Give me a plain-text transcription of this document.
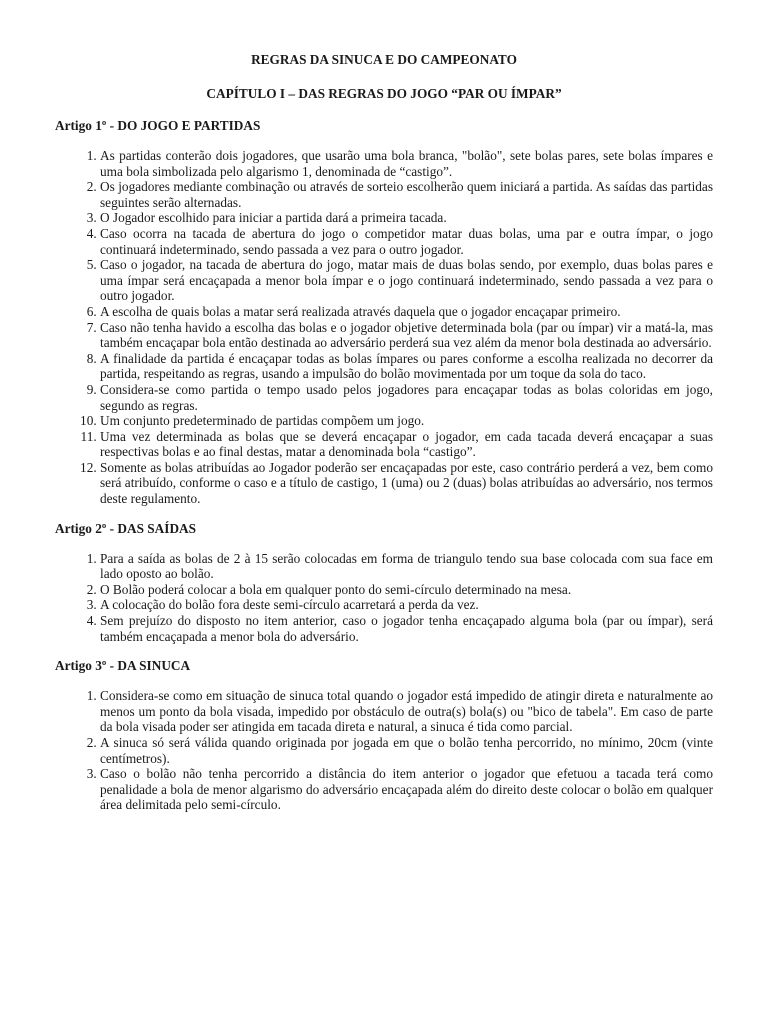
REGRAS DA SINUCA E DO CAMPEONATO
CAPÍTULO I – DAS REGRAS DO JOGO “PAR OU ÍMPAR”
Artigo 1º - DO JOGO E PARTIDAS
1. As partidas conterão dois jogadores, que usarão uma bola branca, "bolão", sete bolas pares, sete bolas ímpares e uma bola simbolizada pelo algarismo 1, denominada de “castigo”.
2. Os jogadores mediante combinação ou através de sorteio escolherão quem iniciará a partida. As saídas das partidas seguintes serão alternadas.
3. O Jogador escolhido para iniciar a partida dará a primeira tacada.
4. Caso ocorra na tacada de abertura do jogo o competidor matar duas bolas, uma par e outra ímpar, o jogo continuará indeterminado, sendo passada a vez para o outro jogador.
5. Caso o jogador, na tacada de abertura do jogo, matar mais de duas bolas sendo, por exemplo, duas bolas pares e uma ímpar será encaçapada a menor bola ímpar e o jogo continuará indeterminado, sendo passada a vez para o outro jogador.
6. A escolha de quais bolas a matar será realizada através daquela que o jogador encaçapar primeiro.
7. Caso não tenha havido a escolha das bolas e o jogador objetive determinada bola (par ou ímpar) vir a matá-la, mas também encaçapar bola então destinada ao adversário perderá sua vez além da menor bola destinada ao adversário.
8. A finalidade da partida é encaçapar todas as bolas ímpares ou pares conforme a escolha realizada no decorrer da partida, respeitando as regras, usando a impulsão do bolão movimentada por um toque da sola do taco.
9. Considera-se como partida o tempo usado pelos jogadores para encaçapar todas as bolas coloridas em jogo, segundo as regras.
10. Um conjunto predeterminado de partidas compõem um jogo.
11. Uma vez determinada as bolas que se deverá encaçapar o jogador, em cada tacada deverá encaçapar a suas respectivas bolas e ao final destas, matar a denominada bola “castigo”.
12. Somente as bolas atribuídas ao Jogador poderão ser encaçapadas por este, caso contrário perderá a vez, bem como será atribuído, conforme o caso e a título de castigo, 1 (uma) ou 2 (duas) bolas atribuídas ao adversário, nos termos deste regulamento.
Artigo 2º - DAS SAÍDAS
1. Para a saída as bolas de 2 à 15 serão colocadas em forma de triangulo tendo sua base colocada com sua face em lado oposto ao bolão.
2. O Bolão poderá colocar a bola em qualquer ponto do semi-círculo determinado na mesa.
3. A colocação do bolão fora deste semi-círculo acarretará a perda da vez.
4. Sem prejuízo do disposto no item anterior, caso o jogador tenha encaçapado alguma bola (par ou ímpar), será também encaçapada a menor bola do adversário.
Artigo 3º - DA SINUCA
1. Considera-se como em situação de sinuca total quando o jogador está impedido de atingir direta e naturalmente ao menos um ponto da bola visada, impedido por obstáculo de outra(s) bola(s) ou "bico de tabela". Em caso de parte da bola visada poder ser atingida em tacada direta e natural, a sinuca é tida como parcial.
2. A sinuca só será válida quando originada por jogada em que o bolão tenha percorrido, no mínimo, 20cm (vinte centímetros).
3. Caso o bolão não tenha percorrido a distância do item anterior o jogador que efetuou a tacada terá como penalidade a bola de menor algarismo do adversário encaçapada além do direito deste colocar o bolão em qualquer área delimitada pelo semi-círculo.
